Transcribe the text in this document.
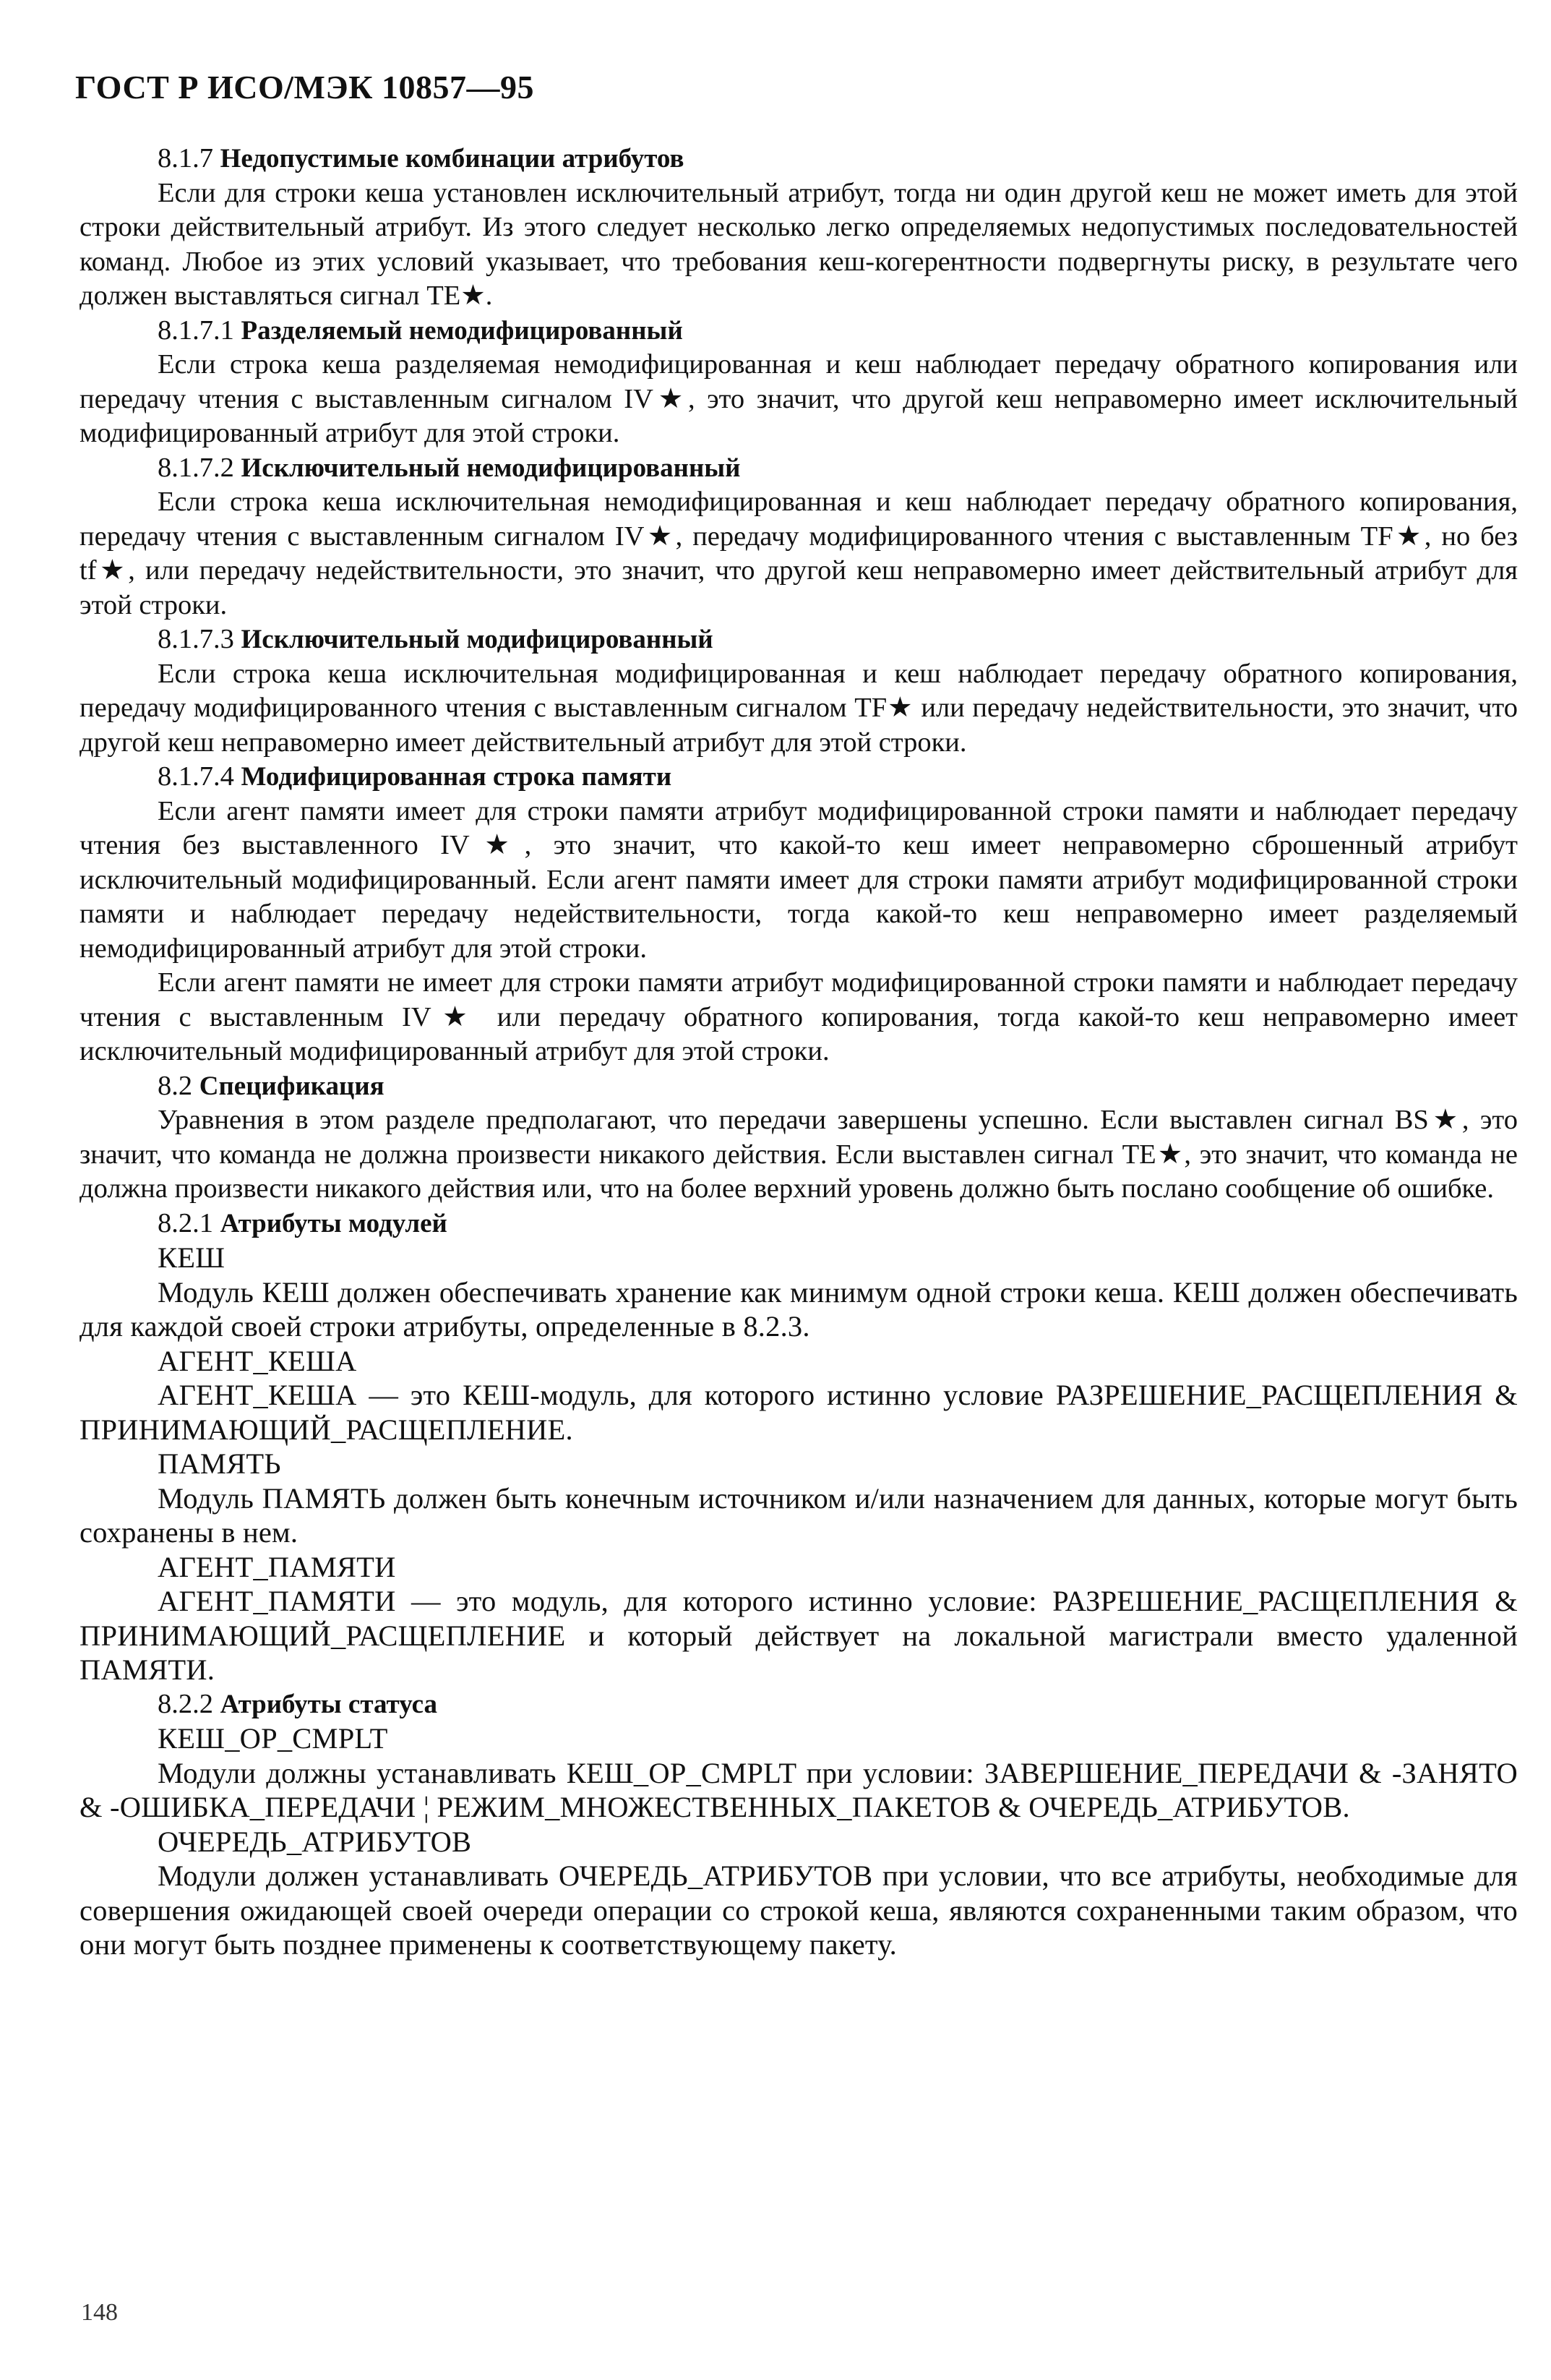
ГОСТ Р ИСО/МЭК 10857—95

8.1.7 Недопустимые комбинации атрибутов

Если для строки кеша установлен исключительный атрибут, тогда ни один другой кеш не может иметь для этой строки действительный атрибут. Из этого следует несколько легко определяемых недопустимых последовательностей команд. Любое из этих условий указывает, что требования кеш-когерентности подвергнуты риску, в результате чего должен выставляться сигнал TE★.

8.1.7.1 Разделяемый немодифицированный

Если строка кеша разделяемая немодифицированная и кеш наблюдает передачу обратного копирования или передачу чтения с выставленным сигналом IV★, это значит, что другой кеш неправомерно имеет исключительный модифицированный атрибут для этой строки.

8.1.7.2 Исключительный немодифицированный

Если строка кеша исключительная немодифицированная и кеш наблюдает передачу обратного копирования, передачу чтения с выставленным сигналом IV★, передачу модифицированного чтения с выставленным TF★, но без tf★, или передачу недействительности, это значит, что другой кеш неправомерно имеет действительный атрибут для этой строки.

8.1.7.3 Исключительный модифицированный

Если строка кеша исключительная модифицированная и кеш наблюдает передачу обратного копирования, передачу модифицированного чтения с выставленным сигналом TF★ или передачу недействительности, это значит, что другой кеш неправомерно имеет действительный атрибут для этой строки.

8.1.7.4 Модифицированная строка памяти

Если агент памяти имеет для строки памяти атрибут модифицированной строки памяти и наблюдает передачу чтения без выставленного IV★, это значит, что какой-то кеш имеет неправомерно сброшенный атрибут исключительный модифицированный. Если агент памяти имеет для строки памяти атрибут модифицированной строки памяти и наблюдает передачу недействительности, тогда какой-то кеш неправомерно имеет разделяемый немодифицированный атрибут для этой строки.

Если агент памяти не имеет для строки памяти атрибут модифицированной строки памяти и наблюдает передачу чтения с выставленным IV★ или передачу обратного копирования, тогда какой-то кеш неправомерно имеет исключительный модифицированный атрибут для этой строки.

8.2 Спецификация

Уравнения в этом разделе предполагают, что передачи завершены успешно. Если выставлен сигнал BS★, это значит, что команда не должна произвести никакого действия. Если выставлен сигнал TE★, это значит, что команда не должна произвести никакого действия или, что на более верхний уровень должно быть послано сообщение об ошибке.

8.2.1 Атрибуты модулей

КЕШ

Модуль КЕШ должен обеспечивать хранение как минимум одной строки кеша. КЕШ должен обеспечивать для каждой своей строки атрибуты, определенные в 8.2.3.

АГЕНТ_КЕША

АГЕНТ_КЕША — это КЕШ-модуль, для которого истинно условие РАЗРЕШЕНИЕ_РАСЩЕПЛЕНИЯ & ПРИНИМАЮЩИЙ_РАСЩЕПЛЕНИЕ.

ПАМЯТЬ

Модуль ПАМЯТЬ должен быть конечным источником и/или назначением для данных, которые могут быть сохранены в нем.

АГЕНТ_ПАМЯТИ

АГЕНТ_ПАМЯТИ — это модуль, для которого истинно условие: РАЗРЕШЕНИЕ_РАСЩЕПЛЕНИЯ & ПРИНИМАЮЩИЙ_РАСЩЕПЛЕНИЕ и который действует на локальной магистрали вместо удаленной ПАМЯТИ.

8.2.2 Атрибуты статуса

КЕШ_OP_CMPLT

Модули должны устанавливать КЕШ_OP_CMPLT при условии: ЗАВЕРШЕНИЕ_ПЕРЕДАЧИ & -ЗАНЯТО & -ОШИБКА_ПЕРЕДАЧИ ¦ РЕЖИМ_МНОЖЕСТВЕННЫХ_ПАКЕТОВ & ОЧЕРЕДЬ_АТРИБУТОВ.

ОЧЕРЕДЬ_АТРИБУТОВ

Модули должен устанавливать ОЧЕРЕДЬ_АТРИБУТОВ при условии, что все атрибуты, необходимые для совершения ожидающей своей очереди операции со строкой кеша, являются сохраненными таким образом, что они могут быть позднее применены к соответствующему пакету.

148
